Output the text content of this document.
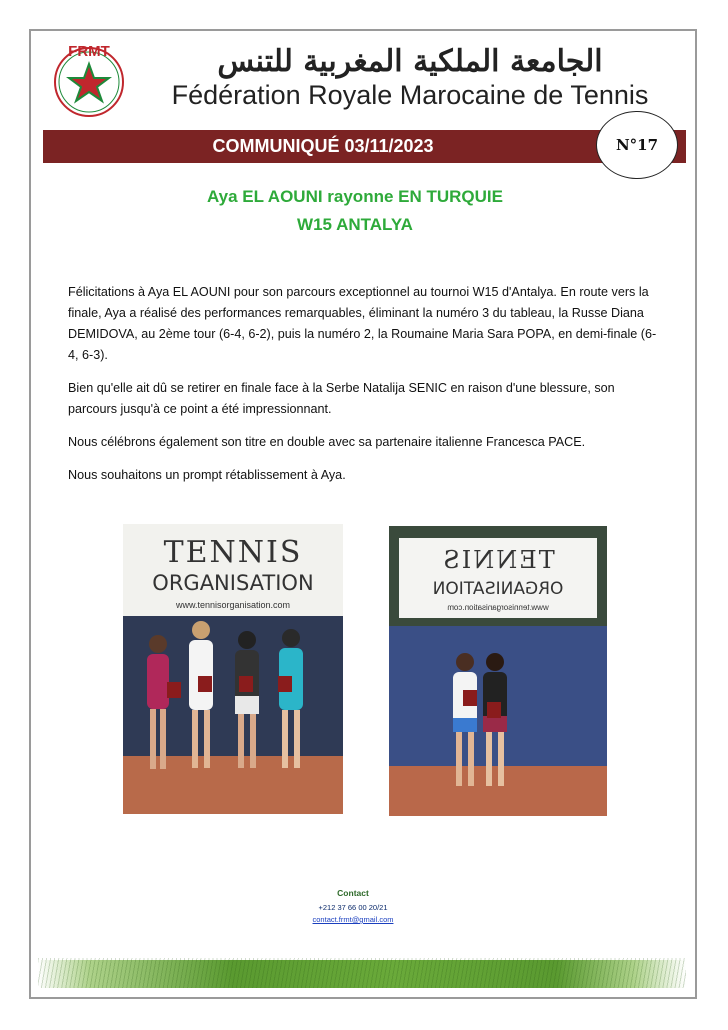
FRMT	الجامعة الملكية المغربية للتنس
Fédération Royale Marocaine de Tennis
COMMUNIQUÉ 03/11/2023	N°17
Aya EL AOUNI rayonne EN TURQUIE
W15 ANTALYA

Félicitations à Aya EL AOUNI pour son parcours exceptionnel au tournoi W15 d'Antalya. En route vers la finale, Aya a réalisé des performances remarquables, éliminant la numéro 3 du tableau, la Russe Diana DEMIDOVA, au 2ème tour (6-4, 6-2), puis la numéro 2, la Roumaine Maria Sara POPA, en demi-finale (6-4, 6-3).

Bien qu'elle ait dû se retirer en finale face à la Serbe Natalija SENIC en raison d'une blessure, son parcours jusqu'à ce point a été impressionnant.

Nous célébrons également son titre en double avec sa partenaire italienne Francesca PACE.

Nous souhaitons un prompt rétablissement à Aya.

TENNIS
ORGANISATION
www.tennisorganisation.com
TENNIS
ORGANISATION
www.tennisorganisation.com
Contact
+212 37 66 00 20/21
contact.frmt@gmail.com
